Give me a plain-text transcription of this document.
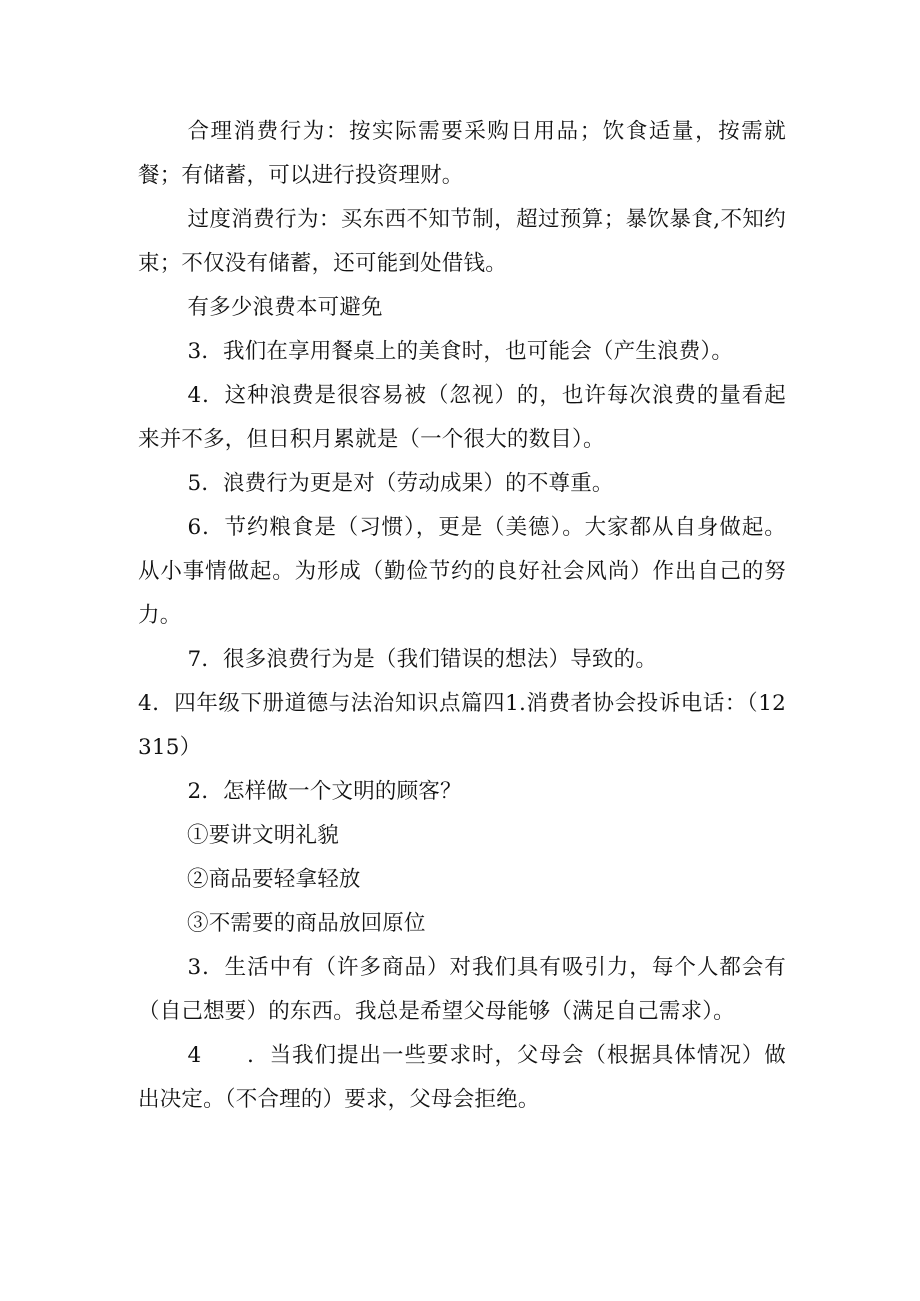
合理消费行为：按实际需要采购日用品；饮食适量，按需就餐；有储蓄，可以进行投资理财。

过度消费行为：买东西不知节制，超过预算；暴饮暴食,不知约束；不仅没有储蓄，还可能到处借钱。

有多少浪费本可避免

3．我们在享用餐桌上的美食时，也可能会（产生浪费）。

4．这种浪费是很容易被（忽视）的，也许每次浪费的量看起来并不多，但日积月累就是（一个很大的数目）。

5．浪费行为更是对（劳动成果）的不尊重。

6．节约粮食是（习惯），更是（美德）。大家都从自身做起。从小事情做起。为形成（勤俭节约的良好社会风尚）作出自己的努力。

7．很多浪费行为是（我们错误的想法）导致的。

4．四年级下册道德与法治知识点篇四1.消费者协会投诉电话：（12315）

2．怎样做一个文明的顾客？

①要讲文明礼貌

②商品要轻拿轻放

③不需要的商品放回原位

3．生活中有（许多商品）对我们具有吸引力，每个人都会有（自己想要）的东西。我总是希望父母能够（满足自己需求）。

4　　．当我们提出一些要求时，父母会（根据具体情况）做出决定。（不合理的）要求，父母会拒绝。
